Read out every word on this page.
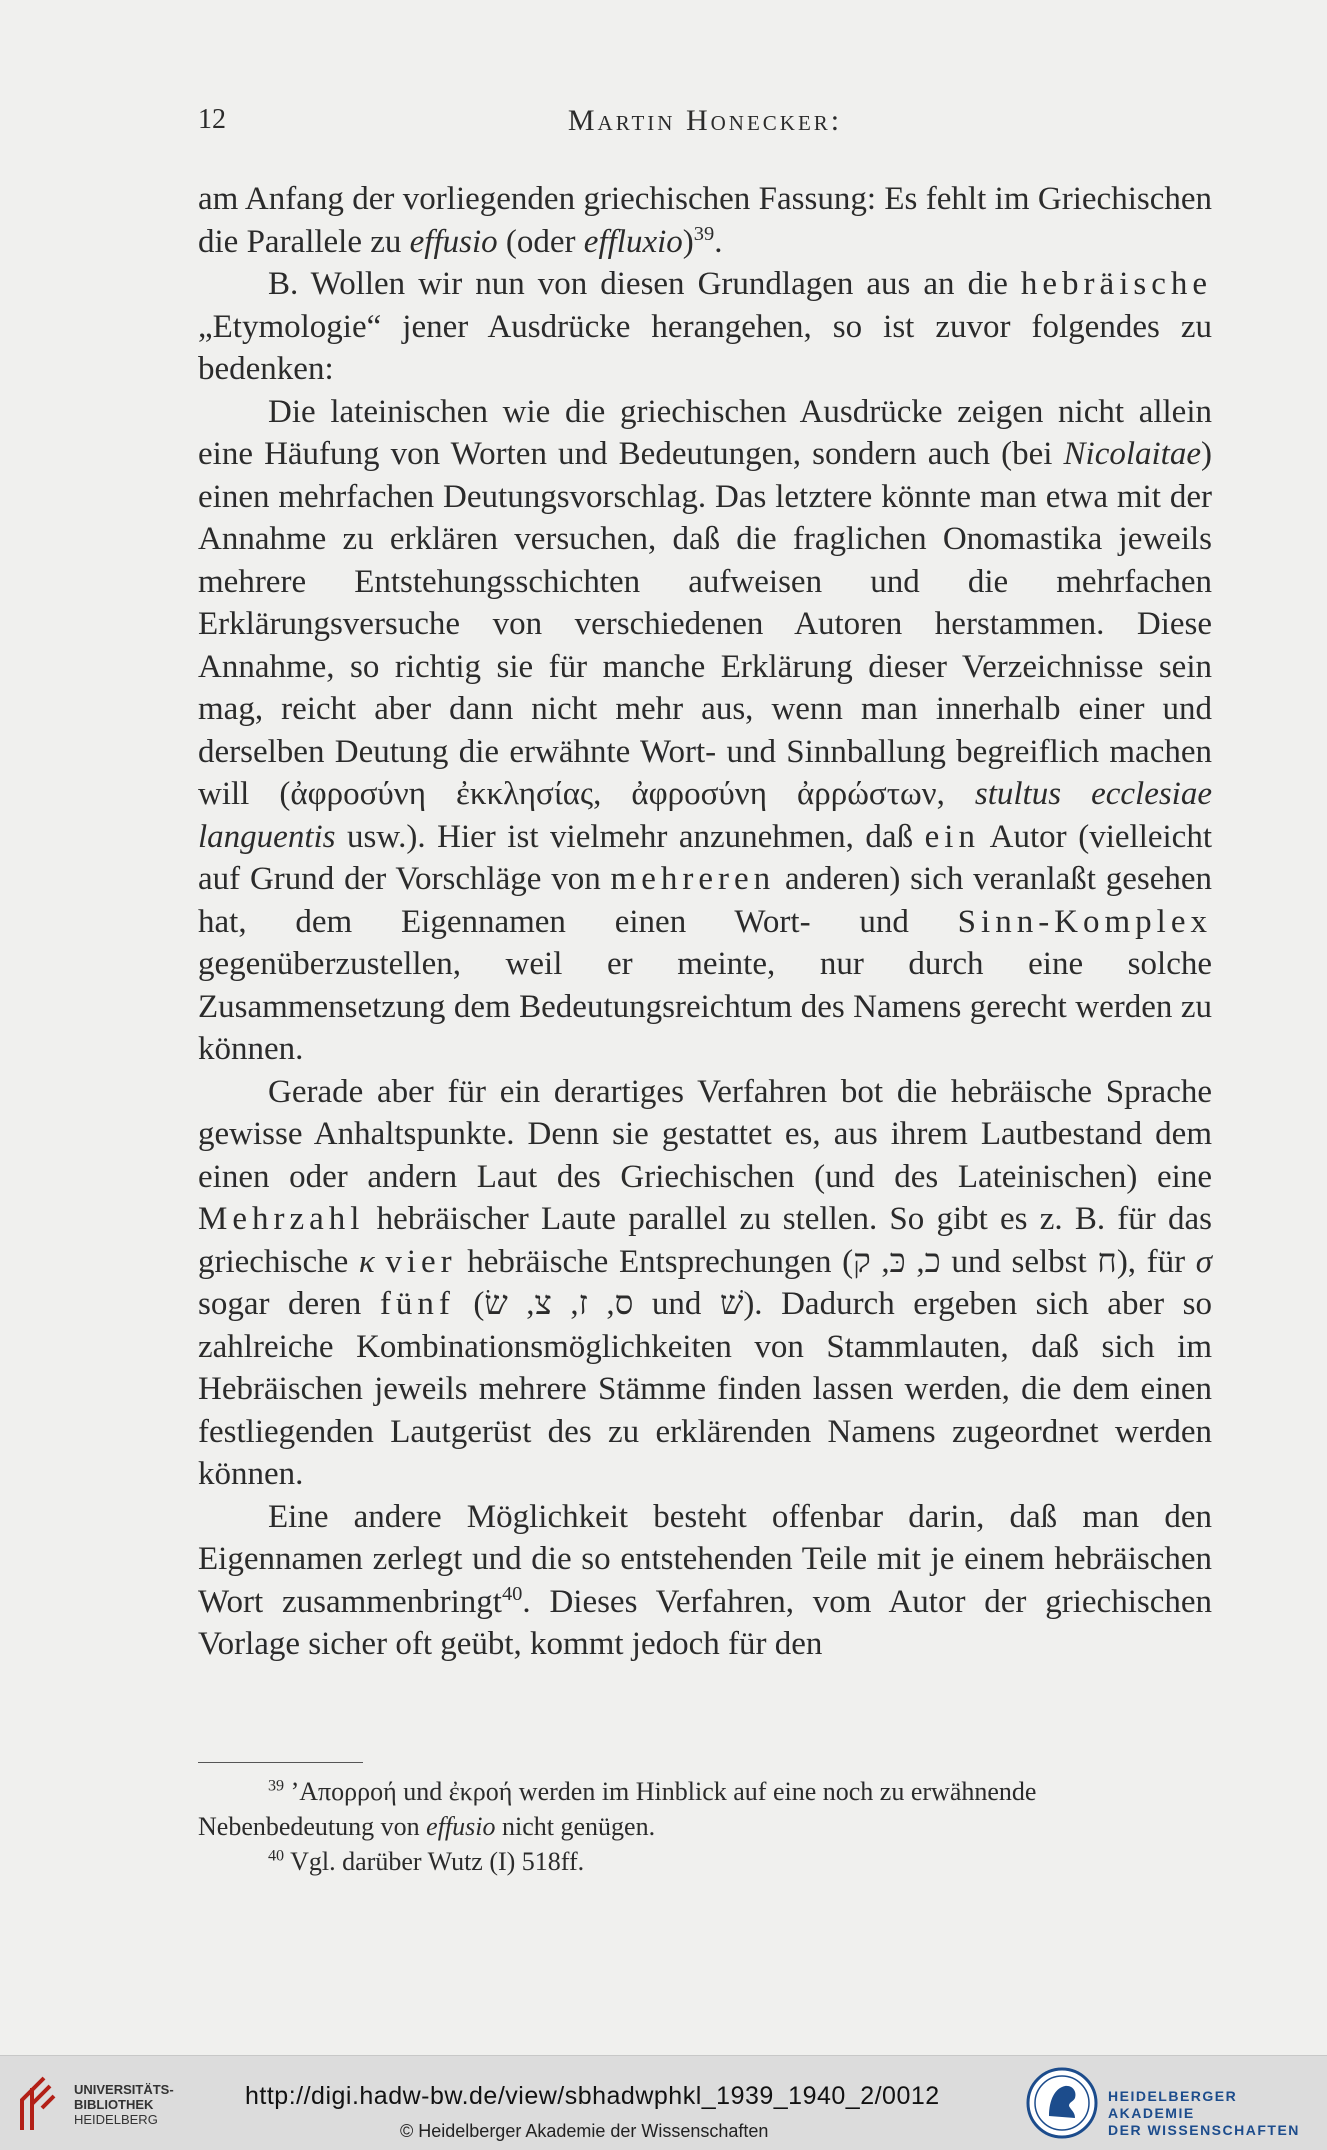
12	Martin Honecker:

am Anfang der vorliegenden griechischen Fassung: Es fehlt im Griechischen die Parallele zu effusio (oder effluxio)$^{39}$.

B. Wollen wir nun von diesen Grundlagen aus an die hebräische „Etymologie“ jener Ausdrücke herangehen, so ist zuvor folgendes zu bedenken:

Die lateinischen wie die griechischen Ausdrücke zeigen nicht allein eine Häufung von Worten und Bedeutungen, sondern auch (bei Nicolaitae) einen mehrfachen Deutungsvorschlag. Das letztere könnte man etwa mit der Annahme zu erklären versuchen, daß die fraglichen Onomastika jeweils mehrere Entstehungsschichten aufweisen und die mehrfachen Erklärungsversuche von verschiedenen Autoren herstammen. Diese Annahme, so richtig sie für manche Erklärung dieser Verzeichnisse sein mag, reicht aber dann nicht mehr aus, wenn man innerhalb einer und derselben Deutung die erwähnte Wort- und Sinnballung begreiflich machen will (ἀφροσύνη ἐκκλησίας, ἀφροσύνη ἀρρώστων, stultus ecclesiae languentis usw.). Hier ist vielmehr anzunehmen, daß ein Autor (vielleicht auf Grund der Vorschläge von mehreren anderen) sich veranlaßt gesehen hat, dem Eigennamen einen Wort- und Sinn-Komplex gegenüberzustellen, weil er meinte, nur durch eine solche Zusammensetzung dem Bedeutungsreichtum des Namens gerecht werden zu können.

Gerade aber für ein derartiges Verfahren bot die hebräische Sprache gewisse Anhaltspunkte. Denn sie gestattet es, aus ihrem Lautbestand dem einen oder andern Laut des Griechischen (und des Lateinischen) eine Mehrzahl hebräischer Laute parallel zu stellen. So gibt es z. B. für das griechische κ vier hebräische Entsprechungen (כ, כּ, ק und selbst ח), für σ sogar deren fünf (ס, ז, צ, שׂ und שׁ). Dadurch ergeben sich aber so zahlreiche Kombinationsmöglichkeiten von Stammlauten, daß sich im Hebräischen jeweils mehrere Stämme finden lassen werden, die dem einen festliegenden Lautgerüst des zu erklärenden Namens zugeordnet werden können.

Eine andere Möglichkeit besteht offenbar darin, daß man den Eigennamen zerlegt und die so entstehenden Teile mit je einem hebräischen Wort zusammenbringt$^{40}$. Dieses Verfahren, vom Autor der griechischen Vorlage sicher oft geübt, kommt jedoch für den

$^{39}$ ’Απορροή und ἐκροή werden im Hinblick auf eine noch zu erwähnende Nebenbedeutung von effusio nicht genügen.

$^{40}$ Vgl. darüber Wutz (I) 518ff.

UNIVERSITÄTS-
BIBLIOTHEK
HEIDELBERG
http://digi.hadw-bw.de/view/sbhadwphkl_1939_1940_2/0012
© Heidelberger Akademie der Wissenschaften
HEIDELBERGER AKADEMIE
DER WISSENSCHAFTEN
